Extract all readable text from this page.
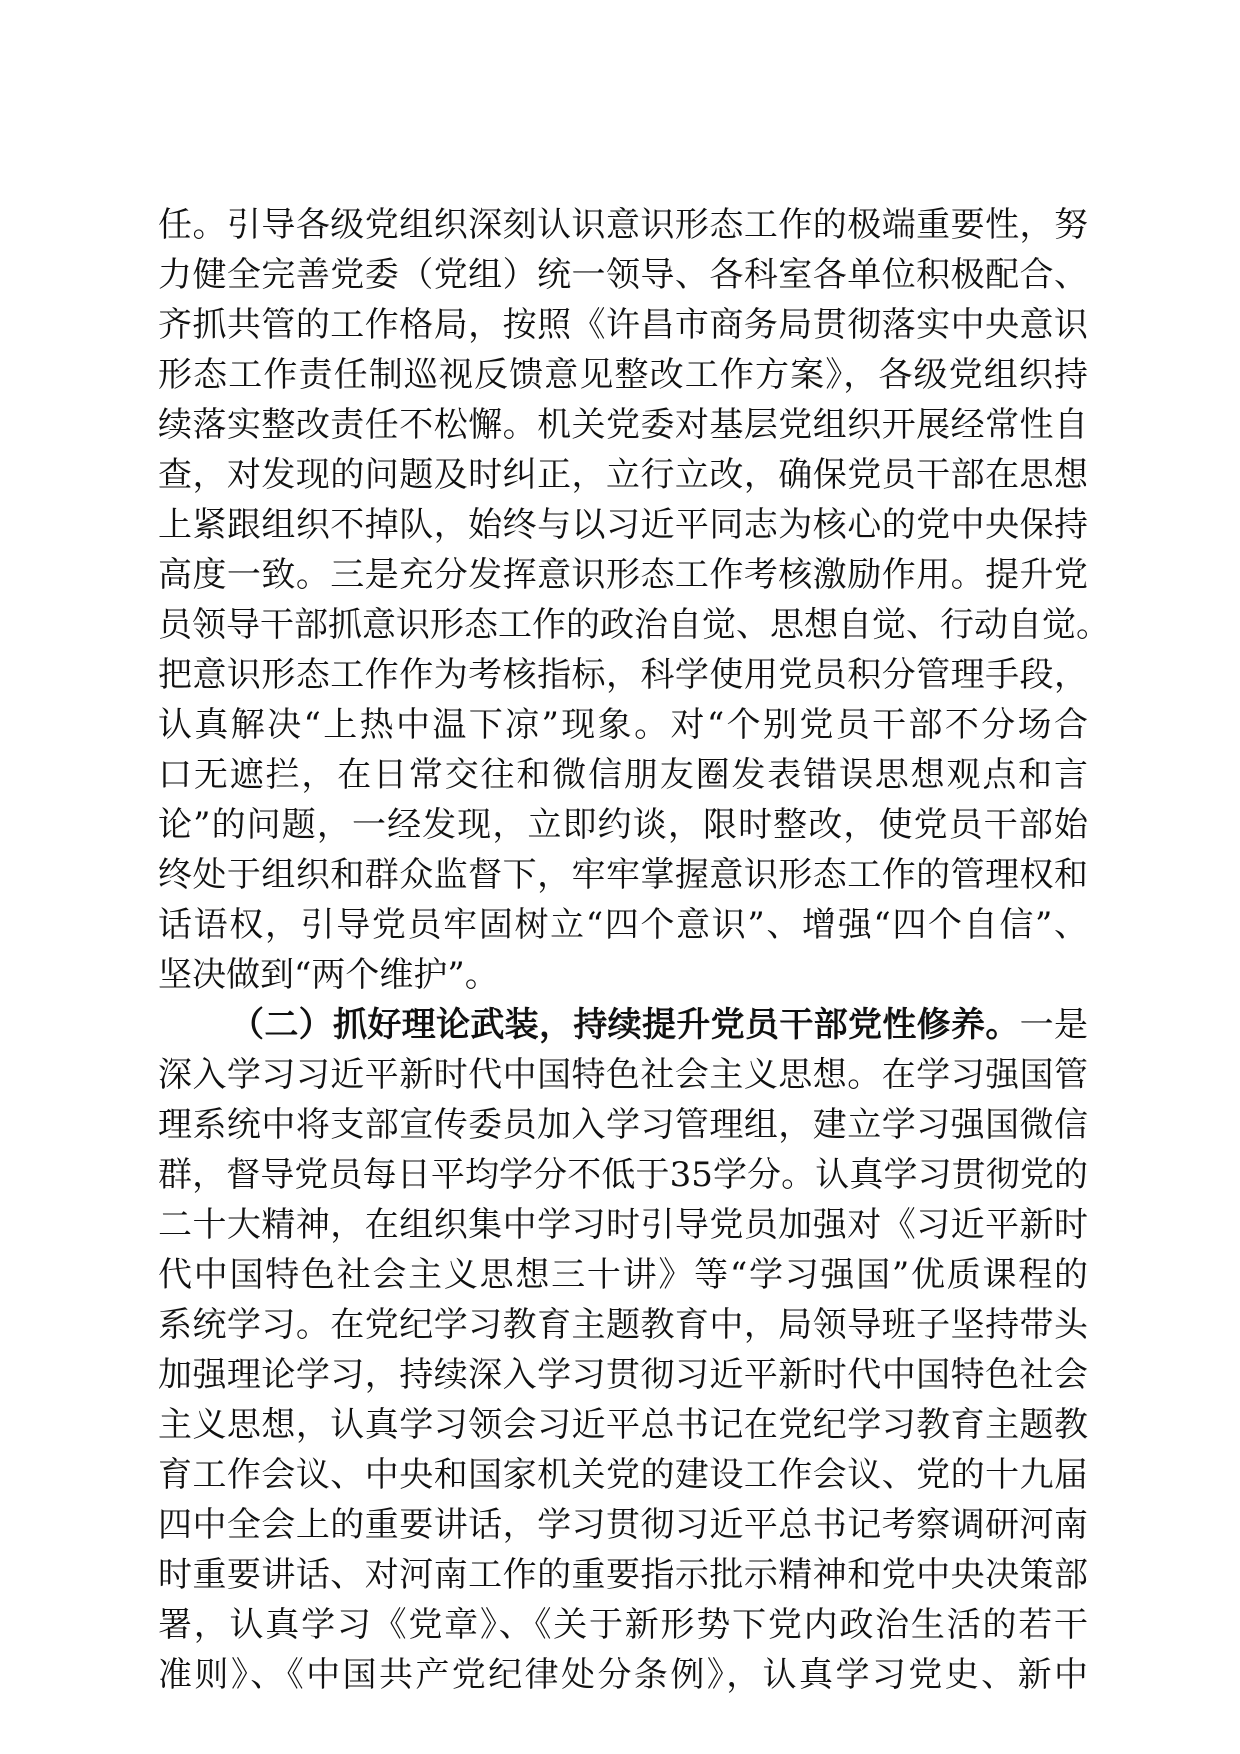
任。引导各级党组织深刻认识意识形态工作的极端重要性，努
力健全完善党委（党组）统一领导、各科室各单位积极配合、
齐抓共管的工作格局，按照《许昌市商务局贯彻落实中央意识
形态工作责任制巡视反馈意见整改工作方案》，各级党组织持
续落实整改责任不松懈。机关党委对基层党组织开展经常性自
查，对发现的问题及时纠正，立行立改，确保党员干部在思想
上紧跟组织不掉队，始终与以习近平同志为核心的党中央保持
高度一致。三是充分发挥意识形态工作考核激励作用。提升党
员领导干部抓意识形态工作的政治自觉、思想自觉、行动自觉。
把意识形态工作作为考核指标，科学使用党员积分管理手段，
认真解决“上热中温下凉”现象。对“个别党员干部不分场合
口无遮拦，在日常交往和微信朋友圈发表错误思想观点和言
论”的问题，一经发现，立即约谈，限时整改，使党员干部始
终处于组织和群众监督下，牢牢掌握意识形态工作的管理权和
话语权，引导党员牢固树立“四个意识”、增强“四个自信”、
坚决做到“两个维护”。
（二）抓好理论武装，持续提升党员干部党性修养。一是
深入学习习近平新时代中国特色社会主义思想。在学习强国管
理系统中将支部宣传委员加入学习管理组，建立学习强国微信
群，督导党员每日平均学分不低于35学分。认真学习贯彻党的
二十大精神，在组织集中学习时引导党员加强对《习近平新时
代中国特色社会主义思想三十讲》等“学习强国”优质课程的
系统学习。在党纪学习教育主题教育中，局领导班子坚持带头
加强理论学习，持续深入学习贯彻习近平新时代中国特色社会
主义思想，认真学习领会习近平总书记在党纪学习教育主题教
育工作会议、中央和国家机关党的建设工作会议、党的十九届
四中全会上的重要讲话，学习贯彻习近平总书记考察调研河南
时重要讲话、对河南工作的重要指示批示精神和党中央决策部
署，认真学习《党章》、《关于新形势下党内政治生活的若干
准则》、《中国共产党纪律处分条例》，认真学习党史、新中
